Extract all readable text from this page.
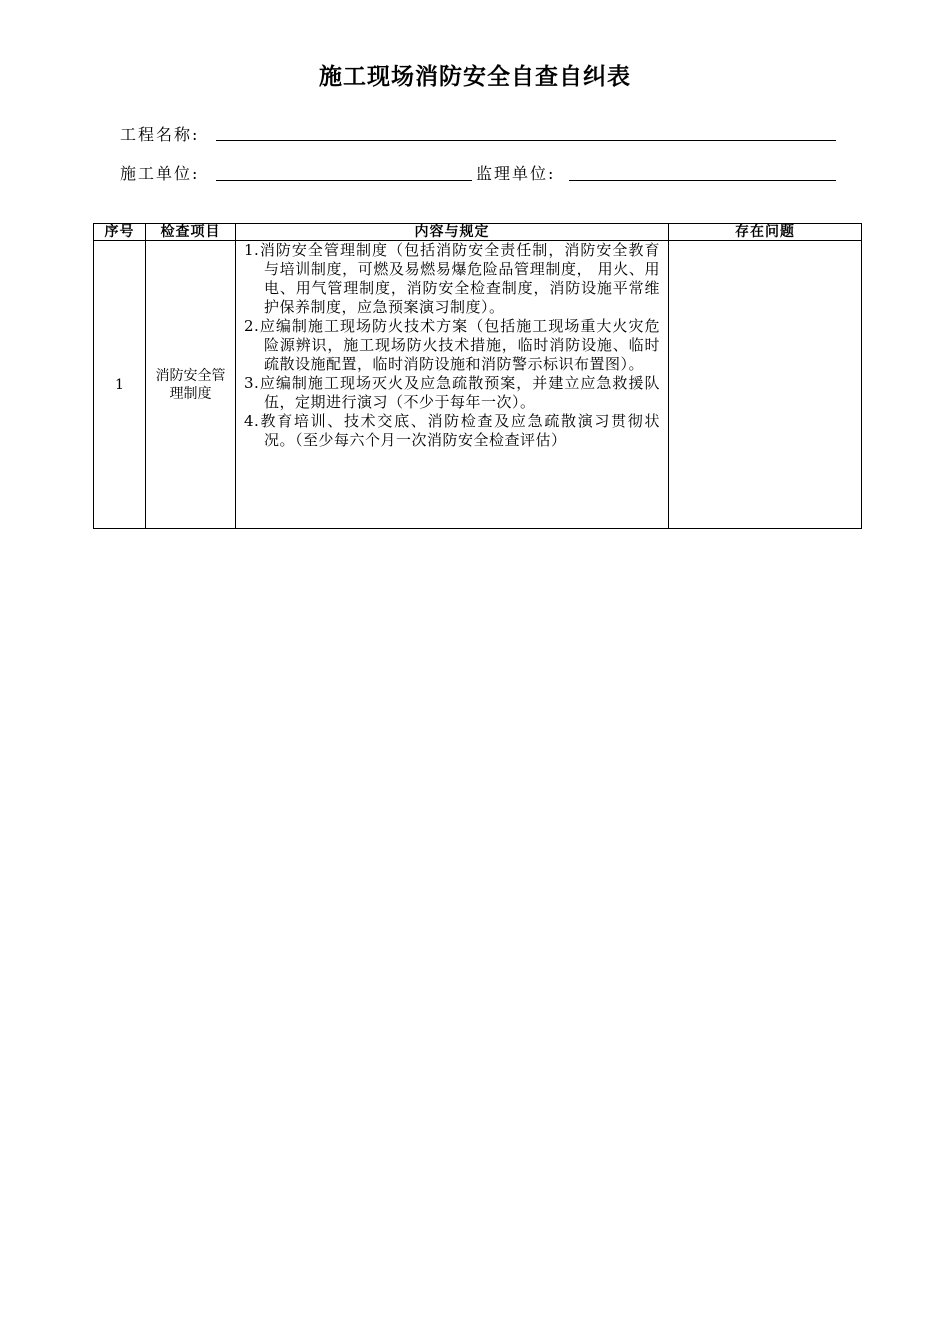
施工现场消防安全自查自纠表
工程名称:
施工单位:	监理单位:
序号	检查项目	内容与规定	存在问题
1	消防安全管理制度	1.消防安全管理制度（包括消防安全责任制，消防安全教育与培训制度，可燃及易燃易爆危险品管理制度， 用火、用电、用气管理制度，消防安全检查制度，消防设施平常维护保养制度，应急预案演习制度）。
2.应编制施工现场防火技术方案（包括施工现场重大火灾危险源辨识，施工现场防火技术措施，临时消防设施、临时疏散设施配置，临时消防设施和消防警示标识布置图）。
3.应编制施工现场灭火及应急疏散预案，并建立应急救援队伍，定期进行演习（不少于每年一次）。
4.教育培训、技术交底、消防检查及应急疏散演习贯彻状况。（至少每六个月一次消防安全检查评估）	
